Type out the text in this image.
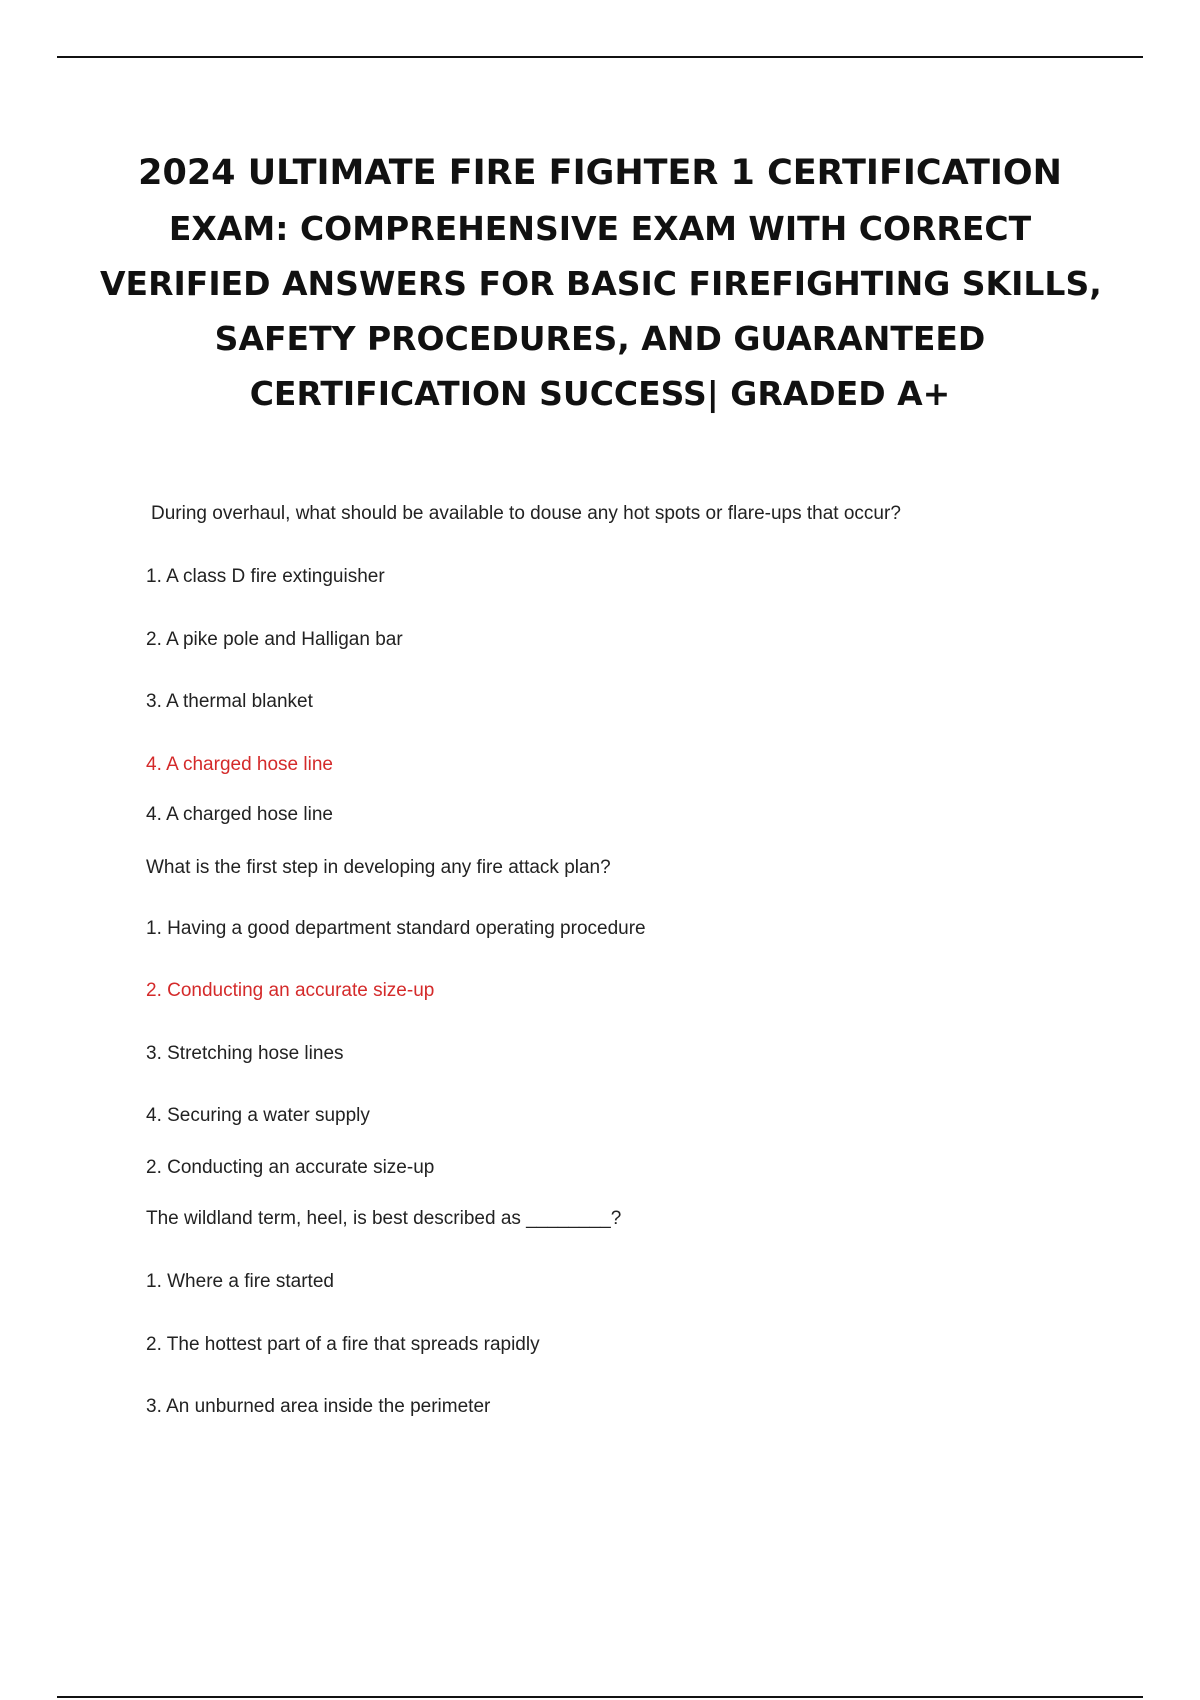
2024 ULTIMATE FIRE FIGHTER 1 CERTIFICATION
EXAM: COMPREHENSIVE EXAM WITH CORRECT
VERIFIED ANSWERS FOR BASIC FIREFIGHTING SKILLS,
SAFETY PROCEDURES, AND GUARANTEED
CERTIFICATION SUCCESS| GRADED A+

During overhaul, what should be available to douse any hot spots or flare-ups that occur?

1. A class D fire extinguisher

2. A pike pole and Halligan bar

3. A thermal blanket

4. A charged hose line

4. A charged hose line

What is the first step in developing any fire attack plan?

1. Having a good department standard operating procedure

2. Conducting an accurate size-up

3. Stretching hose lines

4. Securing a water supply

2. Conducting an accurate size-up

The wildland term, heel, is best described as ________?

1. Where a fire started

2. The hottest part of a fire that spreads rapidly

3. An unburned area inside the perimeter
